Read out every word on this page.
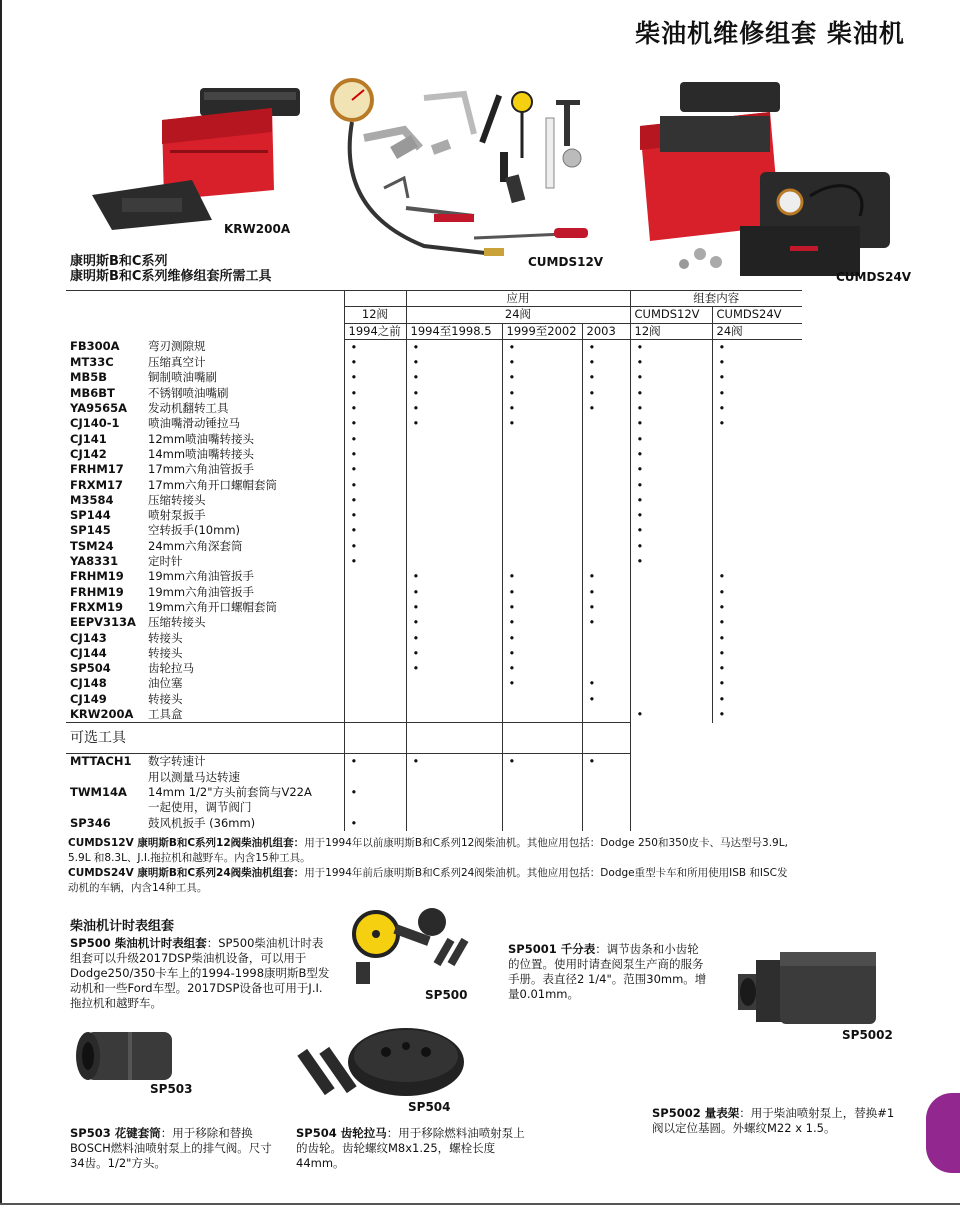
柴油机维修组套 柴油机
KRW200A
CUMDS12V
CUMDS24V
康明斯B和C系列
康明斯B和C系列维修组套所需工具
			应用			组套内容	
		12阀	24阀			CUMDS12V	CUMDS24V
		1994之前	1994至1998.5	1999至2002	2003	12阀	24阀
FB300A	弯刃测隙规	•	•	•	•	•	•
MT33C	压缩真空计	•	•	•	•	•	•
MB5B	铜制喷油嘴刷	•	•	•	•	•	•
MB6BT	不锈钢喷油嘴刷	•	•	•	•	•	•
YA9565A	发动机翻转工具	•	•	•	•	•	•
CJ140-1	喷油嘴滑动锤拉马	•	•	•		•	•
CJ141	12mm喷油嘴转接头	•				•	
CJ142	14mm喷油嘴转接头	•				•	
FRHM17	17mm六角油管扳手	•				•	
FRXM17	17mm六角开口螺帽套筒	•				•	
M3584	压缩转接头	•				•	
SP144	喷射泵扳手	•				•	
SP145	空转扳手(10mm)	•				•	
TSM24	24mm六角深套筒	•				•	
YA8331	定时针	•				•	
FRHM19	19mm六角油管扳手		•	•	•		•
FRHM19	19mm六角油管扳手		•	•	•		•
FRXM19	19mm六角开口螺帽套筒		•	•	•		•
EEPV313A	压缩转接头		•	•	•		•
CJ143	转接头		•	•			•
CJ144	转接头		•	•			•
SP504	齿轮拉马		•	•			•
CJ148	油位塞			•	•		•
CJ149	转接头				•		•
KRW200A	工具盒					•	•
可选工具							
MTTACH1	数字转速计	•	•	•	•		
	用以测量马达转速						
TWM14A	14mm 1/2"方头前套筒与V22A	•					
	一起使用，调节阀门						
SP346	鼓风机扳手 (36mm)	•					

CUMDS12V 康明斯B和C系列12阀柴油机组套：用于1994年以前康明斯B和C系列12阀柴油机。其他应用包括：Dodge 250和350皮卡、马达型号3.9L, 5.9L 和8.3L、J.I.拖拉机和越野车。内含15种工具。

CUMDS24V 康明斯B和C系列24阀柴油机组套：用于1994年前后康明斯B和C系列24阀柴油机。其他应用包括：Dodge重型卡车和所用使用ISB 和ISC发动机的车辆，内含14种工具。

柴油机计时表组套
SP500 柴油机计时表组套：SP500柴油机计时表组套可以升级2017DSP柴油机设备，可以用于Dodge250/350卡车上的1994-1998康明斯B型发动机和一些Ford车型。2017DSP设备也可用于J.I.拖拉机和越野车。
SP500
SP5001 千分表：调节齿条和小齿轮的位置。使用时请查阅泵生产商的服务手册。表直径2 1/4"。范围30mm。增量0.01mm。
SP5002
SP503
SP504
SP503 花键套筒：用于移除和替换BOSCH燃料油喷射泵上的排气阀。尺寸34齿。1/2"方头。
SP504 齿轮拉马：用于移除燃料油喷射泵上的齿轮。齿轮螺纹M8x1.25，螺栓长度44mm。
SP5002 量表架：用于柴油喷射泵上，替换#1阀以定位基圆。外螺纹M22 x 1.5。
